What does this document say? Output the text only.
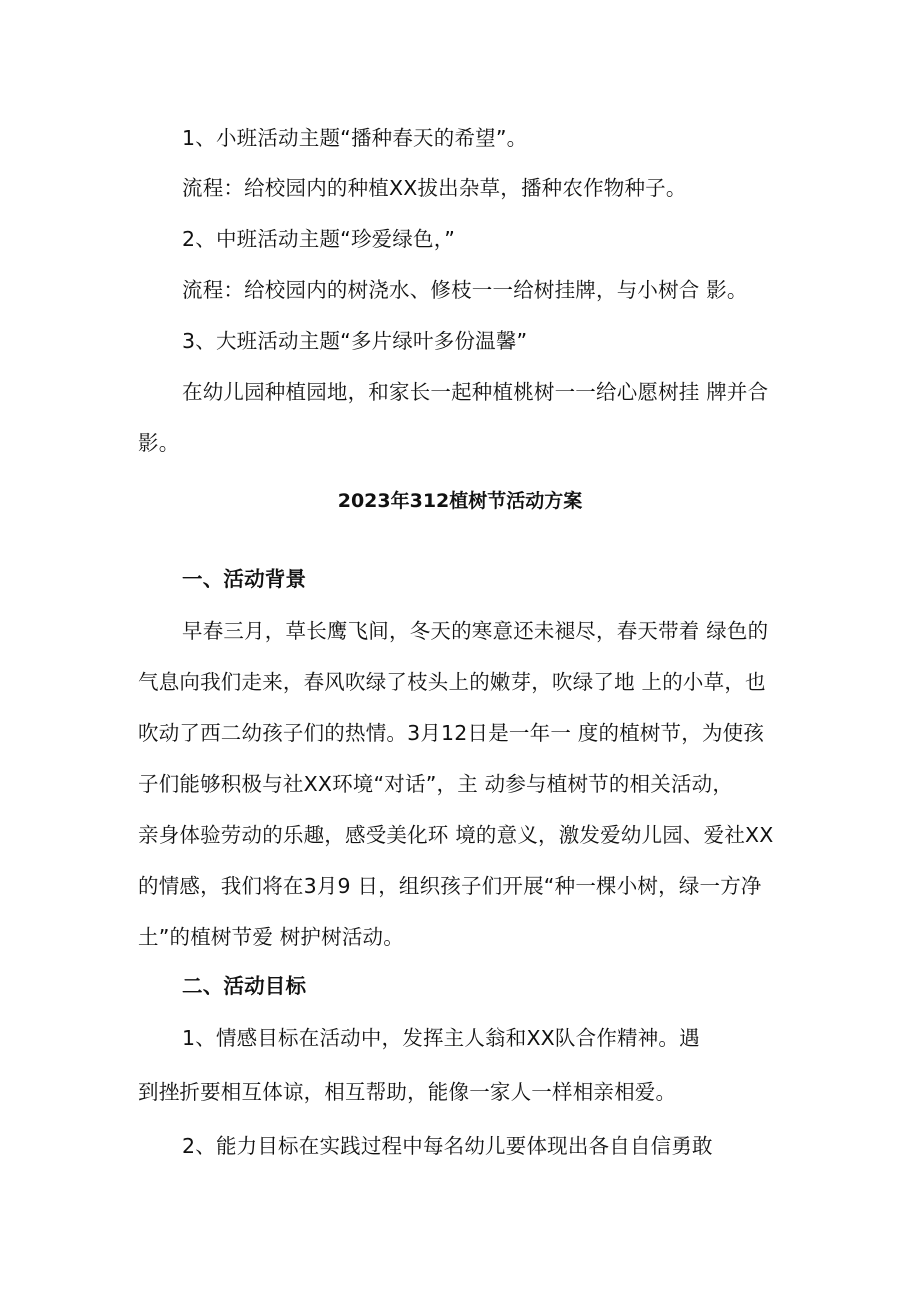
1、小班活动主题“播种春天的希望”。
流程：给校园内的种植XX拔出杂草，播种农作物种子。
2、中班活动主题“珍爱绿色，”
流程：给校园内的树浇水、修枝一一给树挂牌，与小树合 影。
3、大班活动主题“多片绿叶多份温馨”
在幼儿园种植园地，和家长一起种植桃树一一给心愿树挂 牌并合
影。
2023年312植树节活动方案
一、活动背景
早春三月，草长鹰飞间，冬天的寒意还未褪尽，春天带着 绿色的
气息向我们走来，春风吹绿了枝头上的嫩芽，吹绿了地 上的小草，也
吹动了西二幼孩子们的热情。3月12日是一年一 度的植树节，为使孩
子们能够积极与社XX环境“对话”，主 动参与植树节的相关活动，
亲身体验劳动的乐趣，感受美化环 境的意义，激发爱幼儿园、爱社XX
的情感，我们将在3月9 日，组织孩子们开展“种一棵小树，绿一方净
土”的植树节爱 树护树活动。
二、活动目标
1、情感目标在活动中，发挥主人翁和XX队合作精神。遇
到挫折要相互体谅，相互帮助，能像一家人一样相亲相爱。
2、能力目标在实践过程中每名幼儿要体现出各自自信勇敢
